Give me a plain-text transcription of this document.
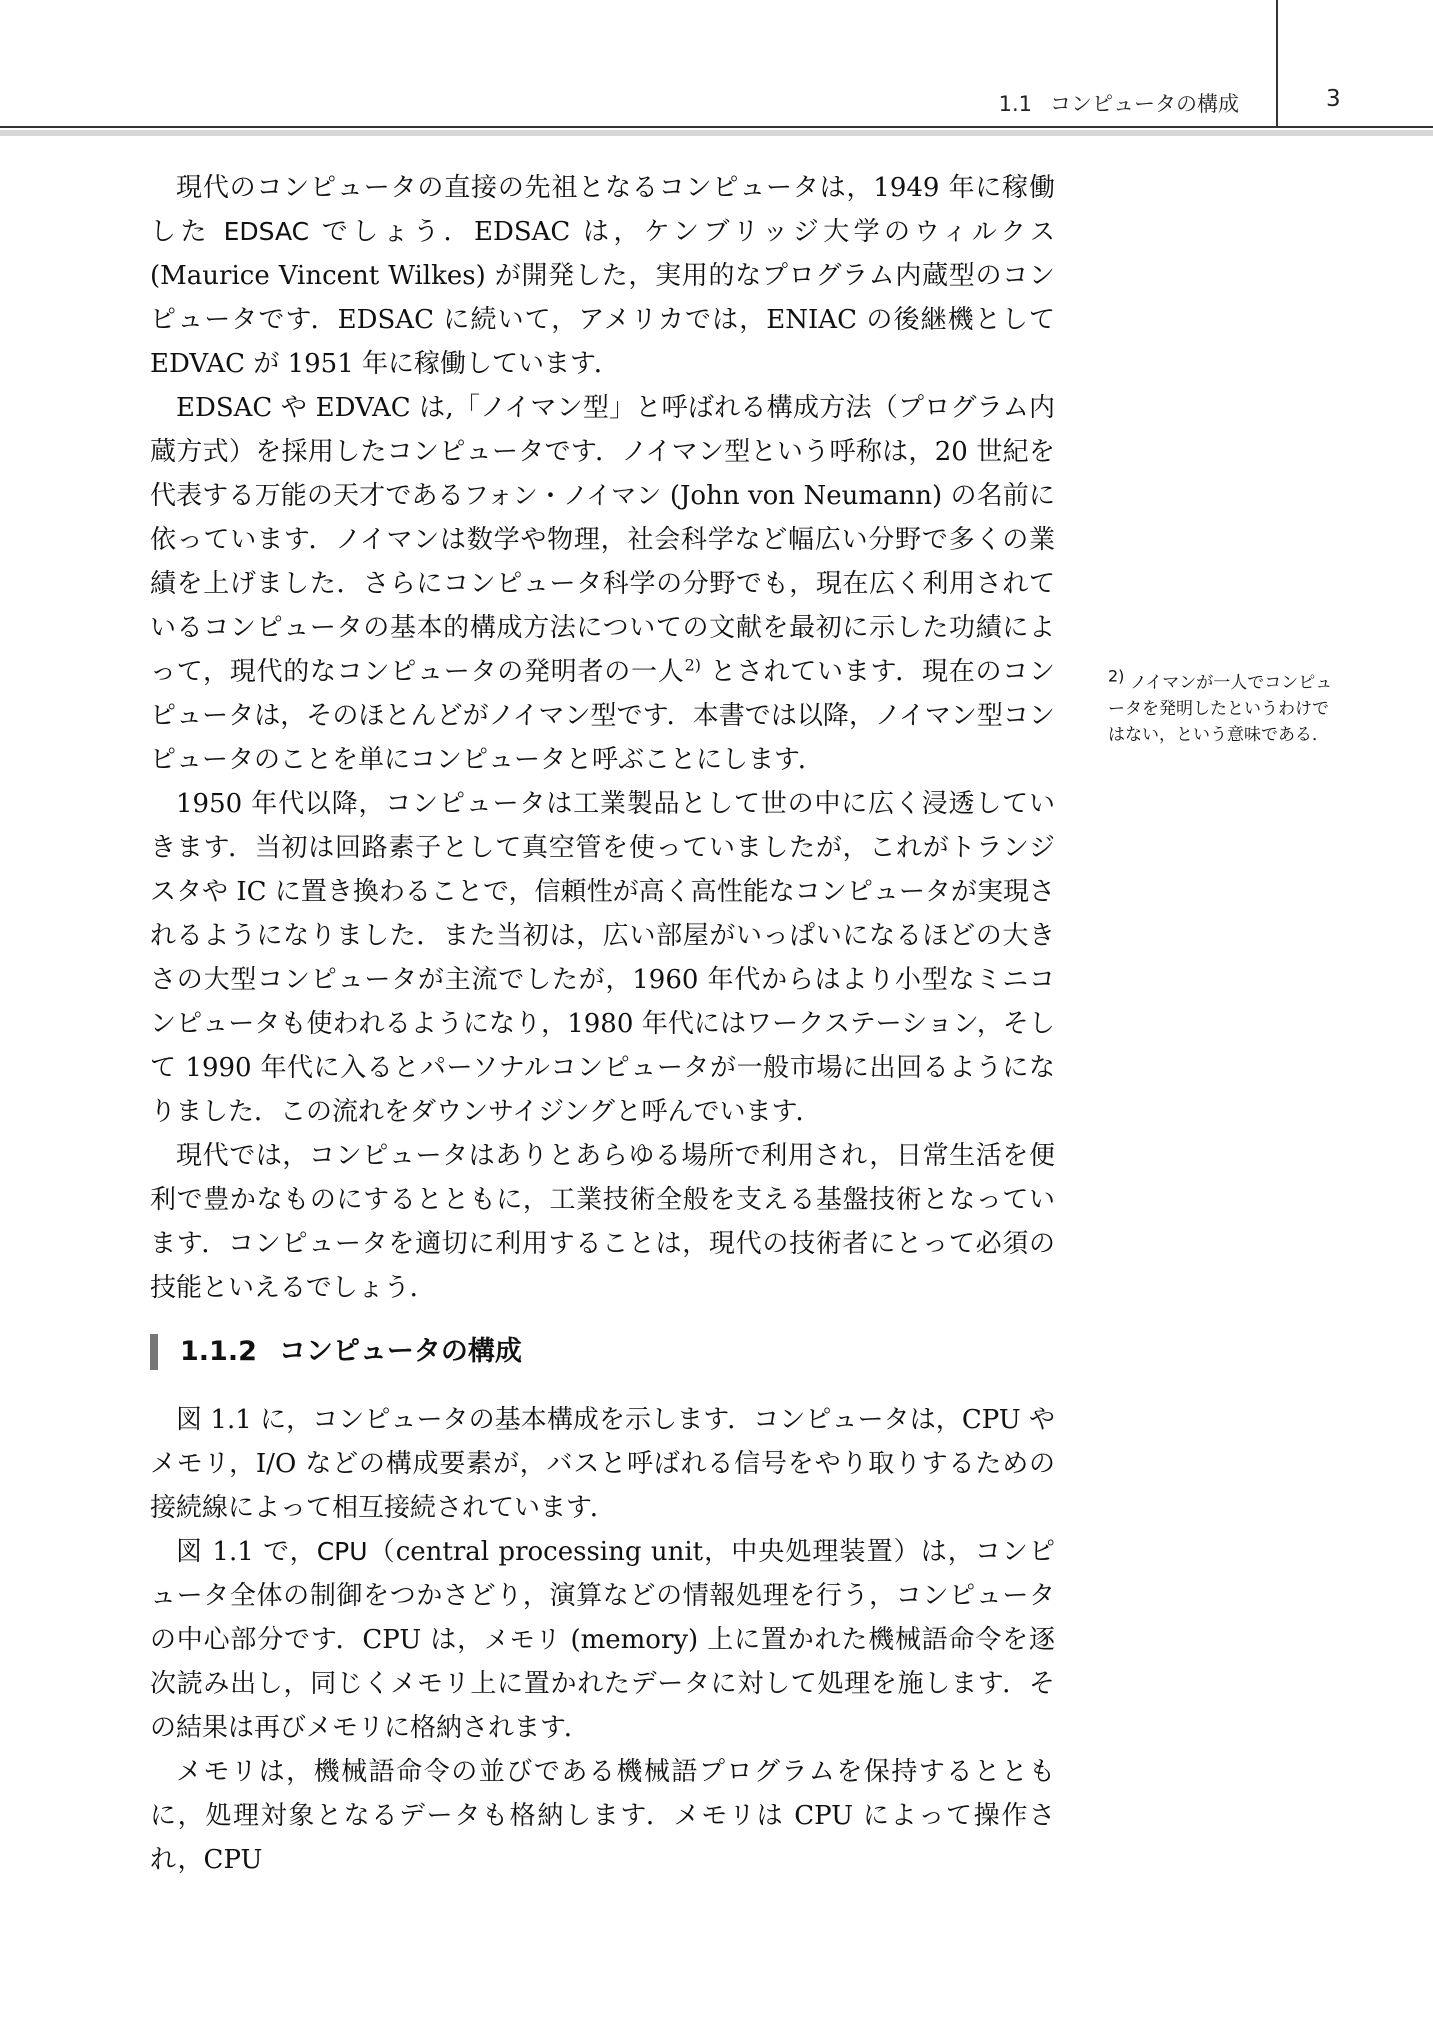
1.1 コンピュータの構成	3

現代のコンピュータの直接の先祖となるコンピュータは，1949 年に稼働した EDSAC でしょう．EDSAC は，ケンブリッジ大学のウィルクス (Maurice Vincent Wilkes) が開発した，実用的なプログラム内蔵型のコンピュータです．EDSAC に続いて，アメリカでは，ENIAC の後継機として EDVAC が 1951 年に稼働しています．

EDSAC や EDVAC は,「ノイマン型」と呼ばれる構成方法（プログラム内蔵方式）を採用したコンピュータです．ノイマン型という呼称は，20 世紀を代表する万能の天才であるフォン・ノイマン (John von Neumann) の名前に依っています．ノイマンは数学や物理，社会科学など幅広い分野で多くの業績を上げました．さらにコンピュータ科学の分野でも，現在広く利用されているコンピュータの基本的構成方法についての文献を最初に示した功績によって，現代的なコンピュータの発明者の一人$^{2)}$ とされています．現在のコンピュータは，そのほとんどがノイマン型です．本書では以降，ノイマン型コンピュータのことを単にコンピュータと呼ぶことにします．

1950 年代以降，コンピュータは工業製品として世の中に広く浸透していきます．当初は回路素子として真空管を使っていましたが，これがトランジスタや IC に置き換わることで，信頼性が高く高性能なコンピュータが実現されるようになりました．また当初は，広い部屋がいっぱいになるほどの大きさの大型コンピュータが主流でしたが，1960 年代からはより小型なミニコンピュータも使われるようになり，1980 年代にはワークステーション，そして 1990 年代に入るとパーソナルコンピュータが一般市場に出回るようになりました．この流れをダウンサイジングと呼んでいます．

現代では，コンピュータはありとあらゆる場所で利用され，日常生活を便利で豊かなものにするとともに，工業技術全般を支える基盤技術となっています．コンピュータを適切に利用することは，現代の技術者にとって必須の技能といえるでしょう．

1.1.2 コンピュータの構成

図 1.1 に，コンピュータの基本構成を示します．コンピュータは，CPU やメモリ，I/O などの構成要素が，バスと呼ばれる信号をやり取りするための接続線によって相互接続されています．

図 1.1 で，CPU（central processing unit，中央処理装置）は，コンピュータ全体の制御をつかさどり，演算などの情報処理を行う，コンピュータの中心部分です．CPU は，メモリ (memory) 上に置かれた機械語命令を逐次読み出し，同じくメモリ上に置かれたデータに対して処理を施します．その結果は再びメモリに格納されます．

メモリは，機械語命令の並びである機械語プログラムを保持するとともに，処理対象となるデータも格納します．メモリは CPU によって操作され，CPU

$^{2)}$ ノイマンが一人でコンピュータを発明したというわけではない，という意味である．
